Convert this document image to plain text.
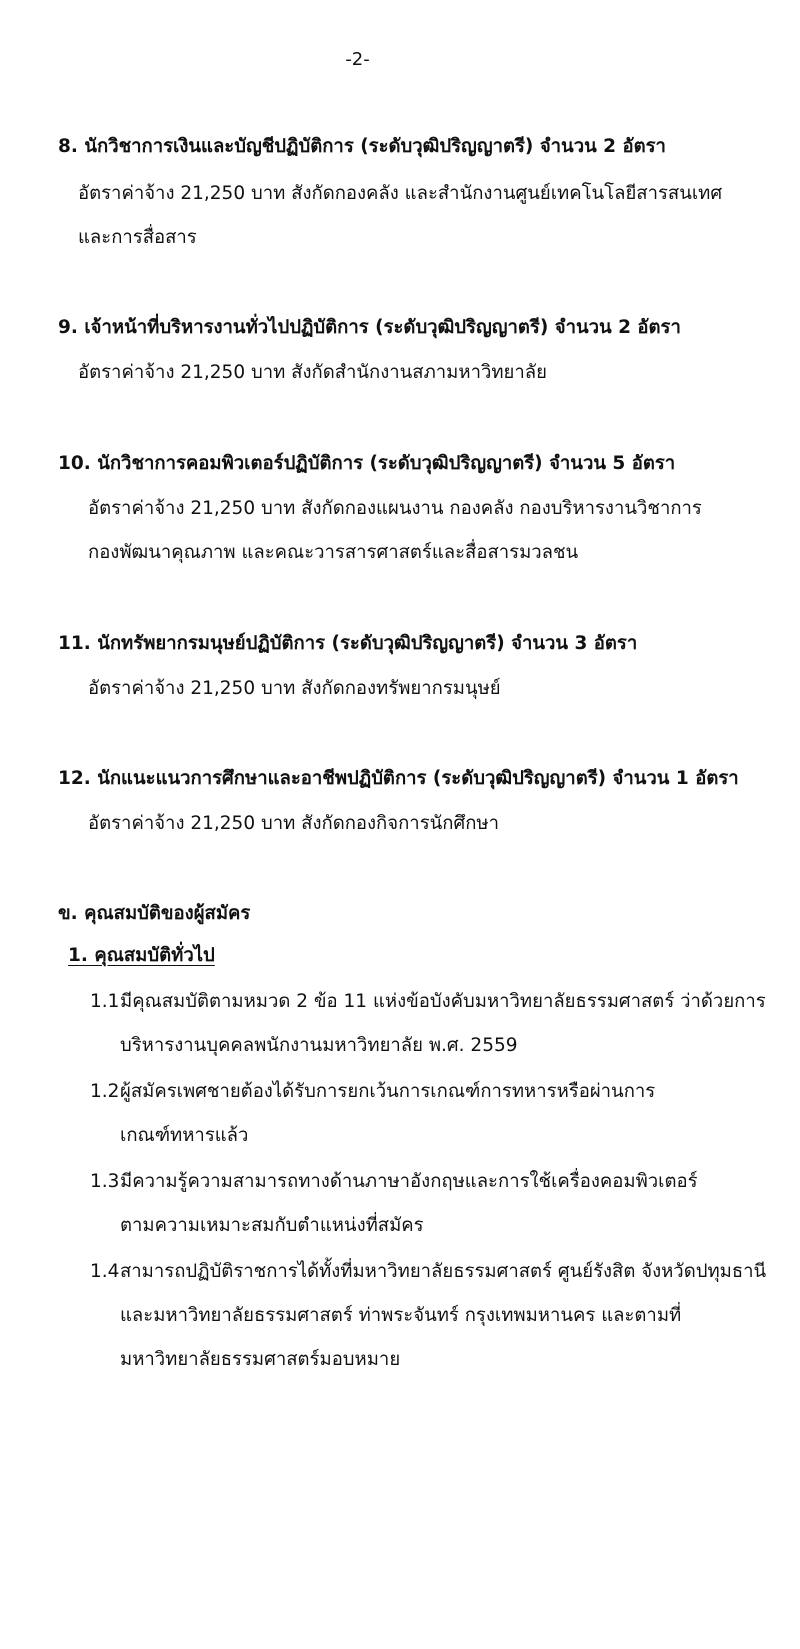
-2-
8. นักวิชาการเงินและบัญชีปฏิบัติการ (ระดับวุฒิปริญญาตรี) จำนวน 2 อัตรา
อัตราค่าจ้าง 21,250 บาท สังกัดกองคลัง และสำนักงานศูนย์เทคโนโลยีสารสนเทศ
และการสื่อสาร
9. เจ้าหน้าที่บริหารงานทั่วไปปฏิบัติการ (ระดับวุฒิปริญญาตรี) จำนวน 2 อัตรา
อัตราค่าจ้าง 21,250 บาท สังกัดสำนักงานสภามหาวิทยาลัย
10. นักวิชาการคอมพิวเตอร์ปฏิบัติการ (ระดับวุฒิปริญญาตรี) จำนวน 5 อัตรา
อัตราค่าจ้าง 21,250 บาท สังกัดกองแผนงาน กองคลัง กองบริหารงานวิชาการ
กองพัฒนาคุณภาพ และคณะวารสารศาสตร์และสื่อสารมวลชน
11. นักทรัพยากรมนุษย์ปฏิบัติการ (ระดับวุฒิปริญญาตรี) จำนวน 3 อัตรา
อัตราค่าจ้าง 21,250 บาท สังกัดกองทรัพยากรมนุษย์
12. นักแนะแนวการศึกษาและอาชีพปฏิบัติการ (ระดับวุฒิปริญญาตรี) จำนวน 1 อัตรา
อัตราค่าจ้าง 21,250 บาท สังกัดกองกิจการนักศึกษา
ข. คุณสมบัติของผู้สมัคร
1. คุณสมบัติทั่วไป
1.1 มีคุณสมบัติตามหมวด 2 ข้อ 11 แห่งข้อบังคับมหาวิทยาลัยธรรมศาสตร์ ว่าด้วยการ
บริหารงานบุคคลพนักงานมหาวิทยาลัย พ.ศ. 2559
1.2 ผู้สมัครเพศชายต้องได้รับการยกเว้นการเกณฑ์การทหารหรือผ่านการ
เกณฑ์ทหารแล้ว
1.3 มีความรู้ความสามารถทางด้านภาษาอังกฤษและการใช้เครื่องคอมพิวเตอร์
ตามความเหมาะสมกับตำแหน่งที่สมัคร
1.4 สามารถปฏิบัติราชการได้ทั้งที่มหาวิทยาลัยธรรมศาสตร์ ศูนย์รังสิต จังหวัดปทุมธานี
และมหาวิทยาลัยธรรมศาสตร์ ท่าพระจันทร์ กรุงเทพมหานคร และตามที่
มหาวิทยาลัยธรรมศาสตร์มอบหมาย
